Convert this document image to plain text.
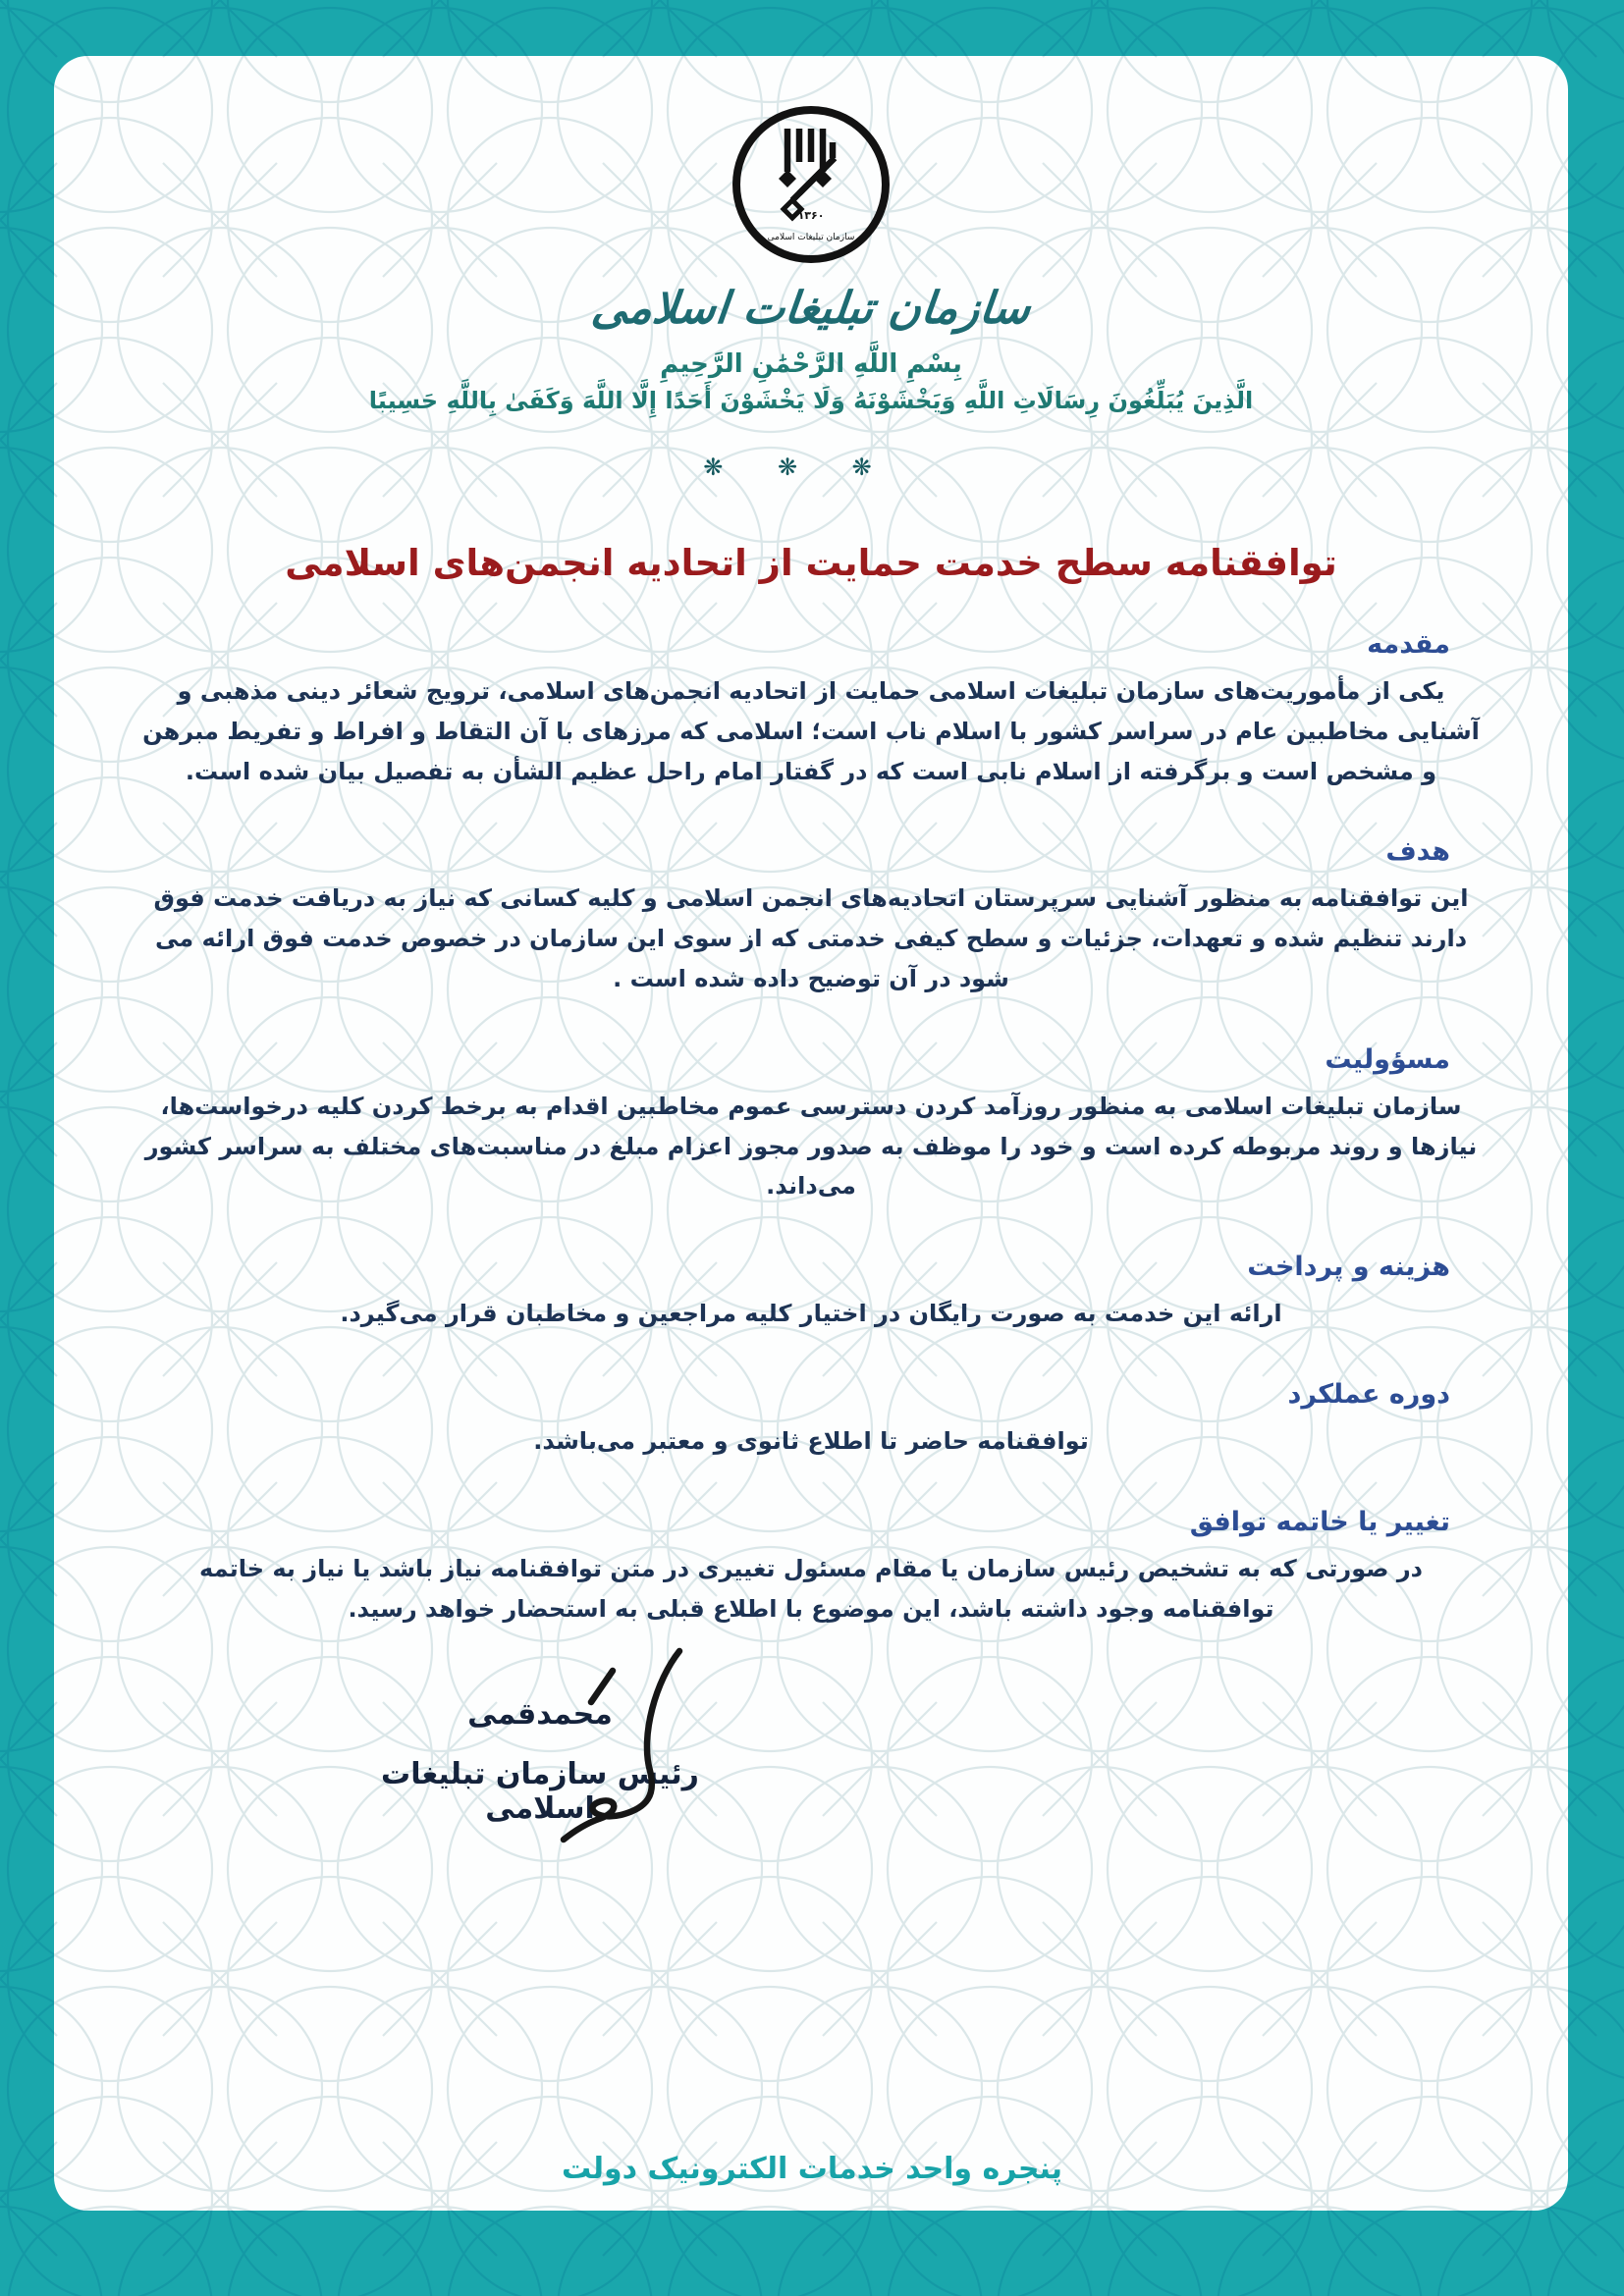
۱۳۶۰
سازمان تبلیغات اسلامی
سازمان تبلیغات اسلامی
بِسْمِ اللَّهِ الرَّحْمَٰنِ الرَّحِيمِ
الَّذِينَ يُبَلِّغُونَ رِسَالَاتِ اللَّهِ وَيَخْشَوْنَهُ وَلَا يَخْشَوْنَ أَحَدًا إِلَّا اللَّهَ وَكَفَىٰ بِاللَّهِ حَسِيبًا
❋ ❋ ❋
توافقنامه سطح خدمت حمایت از اتحادیه انجمن‌های اسلامی
مقدمه

یکی از مأموریت‌های سازمان تبلیغات اسلامی حمایت از اتحادیه انجمن‌های اسلامی، ترویج شعائر دینی مذهبی و آشنایی مخاطبین عام در سراسر کشور با اسلام ناب است؛ اسلامی که مرزهای با آن التقاط و افراط و تفریط مبرهن و مشخص است و برگرفته از اسلام نابی است که در گفتار امام راحل عظیم الشأن به تفصیل بیان شده است.

هدف

این توافقنامه به منظور آشنایی سرپرستان اتحادیه‌های انجمن اسلامی و کلیه کسانی که نیاز به دریافت خدمت فوق دارند تنظیم شده و تعهدات، جزئیات و سطح کیفی خدمتی که از سوی این سازمان در خصوص خدمت فوق ارائه می شود در آن توضیح داده شده است .

مسؤولیت

سازمان تبلیغات اسلامی به منظور روزآمد کردن دسترسی عموم مخاطبین اقدام به برخط کردن کلیه درخواست‌ها، نیازها و روند مربوطه کرده است و خود را موظف به صدور مجوز اعزام مبلغ در مناسبت‌های مختلف به سراسر کشور می‌داند.

هزینه و پرداخت

ارائه این خدمت به صورت رایگان در اختیار کلیه مراجعین و مخاطبان قرار می‌گیرد.

دوره عملکرد

توافقنامه حاضر تا اطلاع ثانوی و معتبر می‌باشد.

تغییر یا خاتمه توافق

در صورتی که به تشخیص رئیس سازمان یا مقام مسئول تغییری در متن توافقنامه نیاز باشد یا نیاز به خاتمه توافقنامه وجود داشته باشد، این موضوع با اطلاع قبلی به استحضار خواهد رسید.

محمدقمی
رئیس سازمان تبلیغات اسلامی
پنجره واحد خدمات الکترونیک دولت
